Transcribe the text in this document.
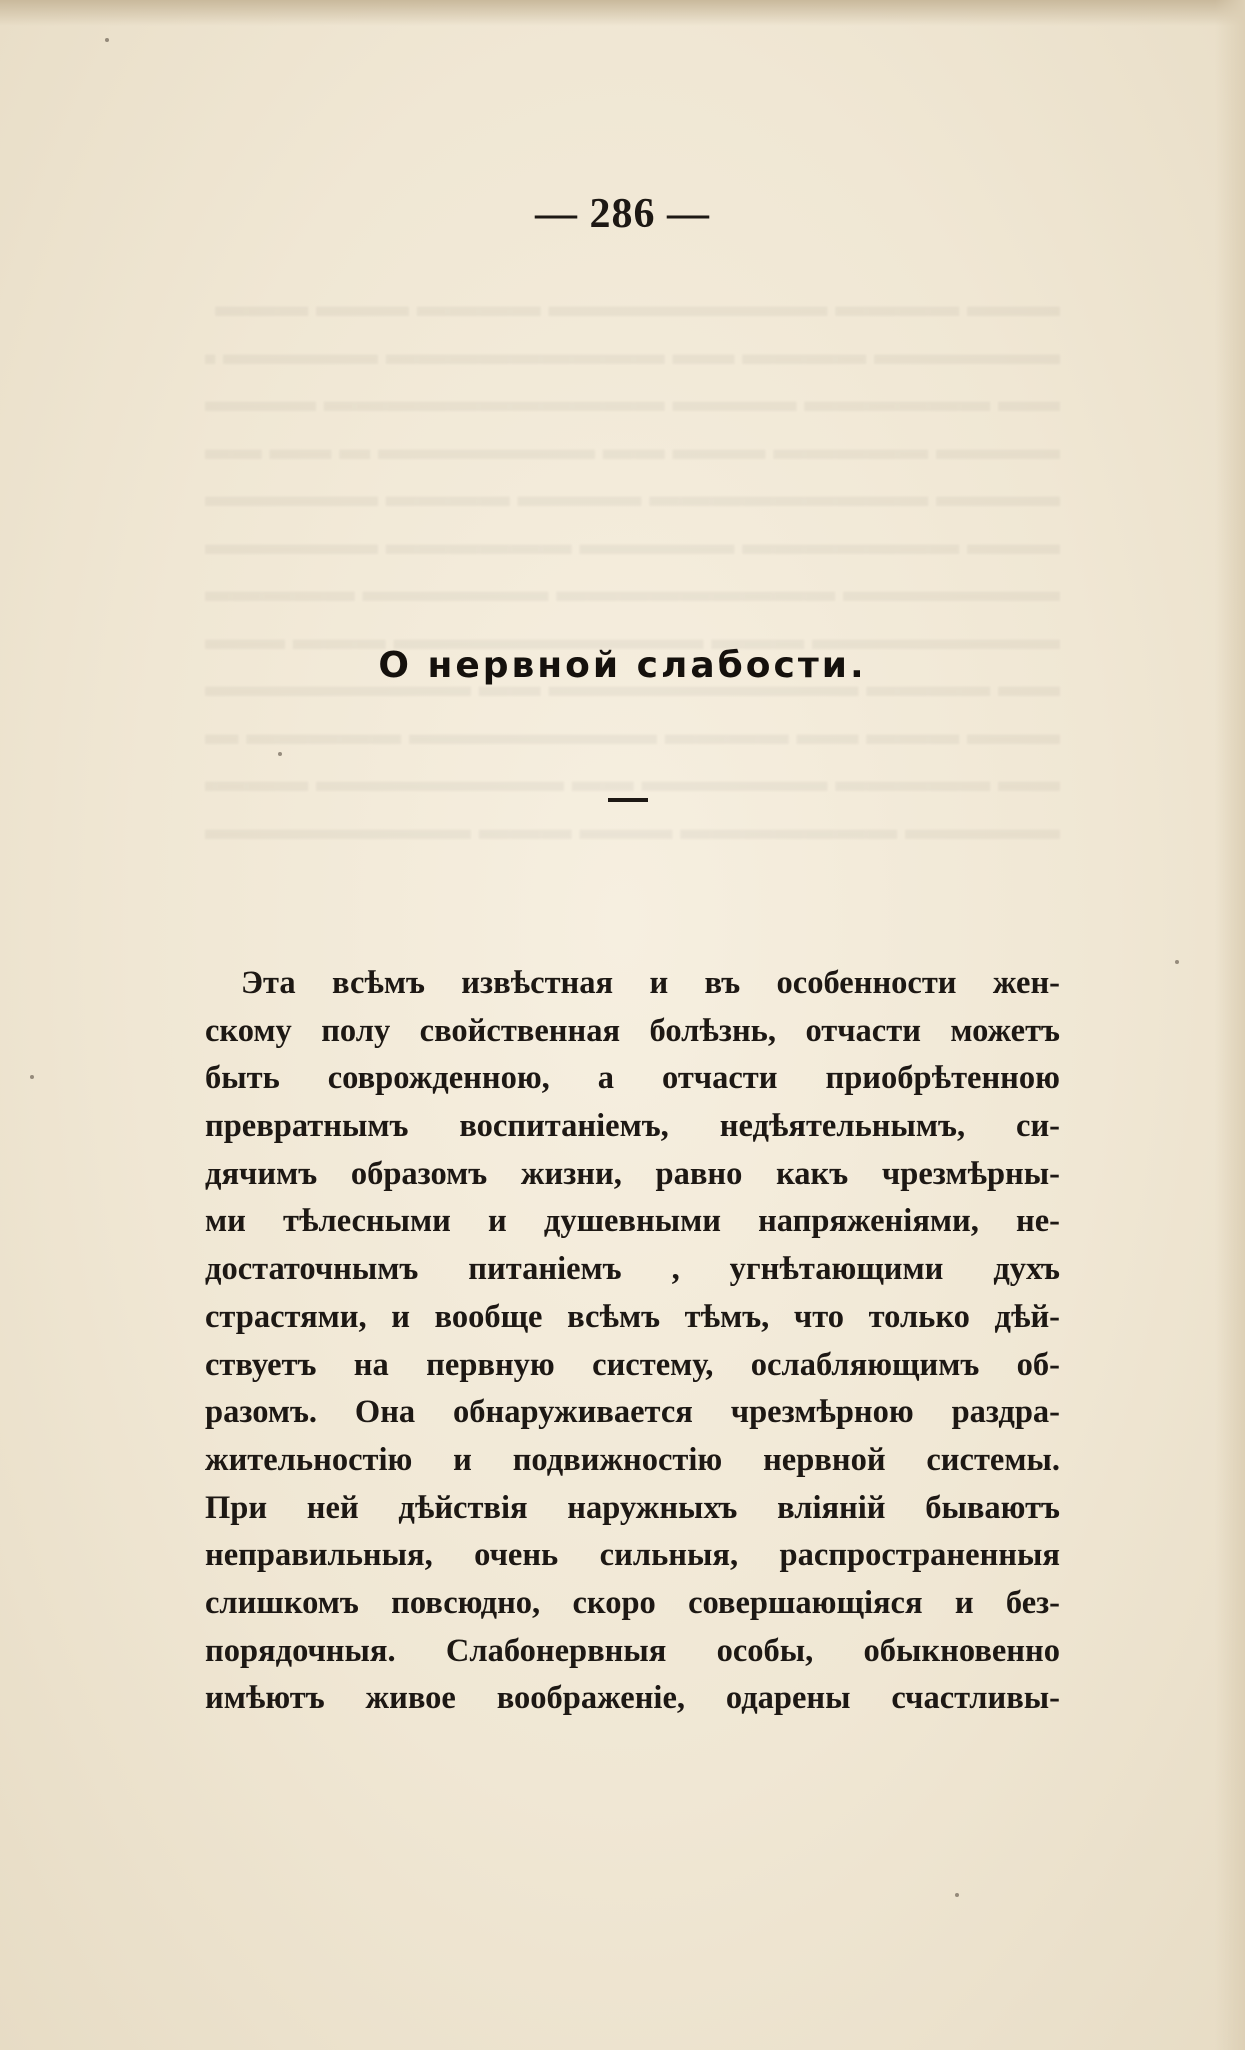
— 286 —
О нервной слабости.
Эта всѣмъ извѣстная и въ особенности жен-
скому полу свойственная болѣзнь, отчасти можетъ
быть соврожденною, а отчасти приобрѣтенною
превратнымъ воспитанiемъ, недѣятельнымъ, си-
дячимъ образомъ жизни, равно какъ чрезмѣрны-
ми тѣлесными и душевными напряженiями, не-
достаточнымъ питанiемъ , угнѣтающими духъ
страстями, и вообще всѣмъ тѣмъ, что только дѣй-
ствуетъ на первную систему, ослабляющимъ об-
разомъ. Она обнаруживается чрезмѣрною раздра-
жительностiю и подвижностiю нервной системы.
При ней дѣйствiя наружныхъ влiянiй бываютъ
неправильныя, очень сильныя, распространенныя
слишкомъ повсюдно, скоро совершающiяся и без-
порядочныя. Слабонервныя особы, обыкновенно
имѣютъ живое воображенiе, одарены счастливы-
